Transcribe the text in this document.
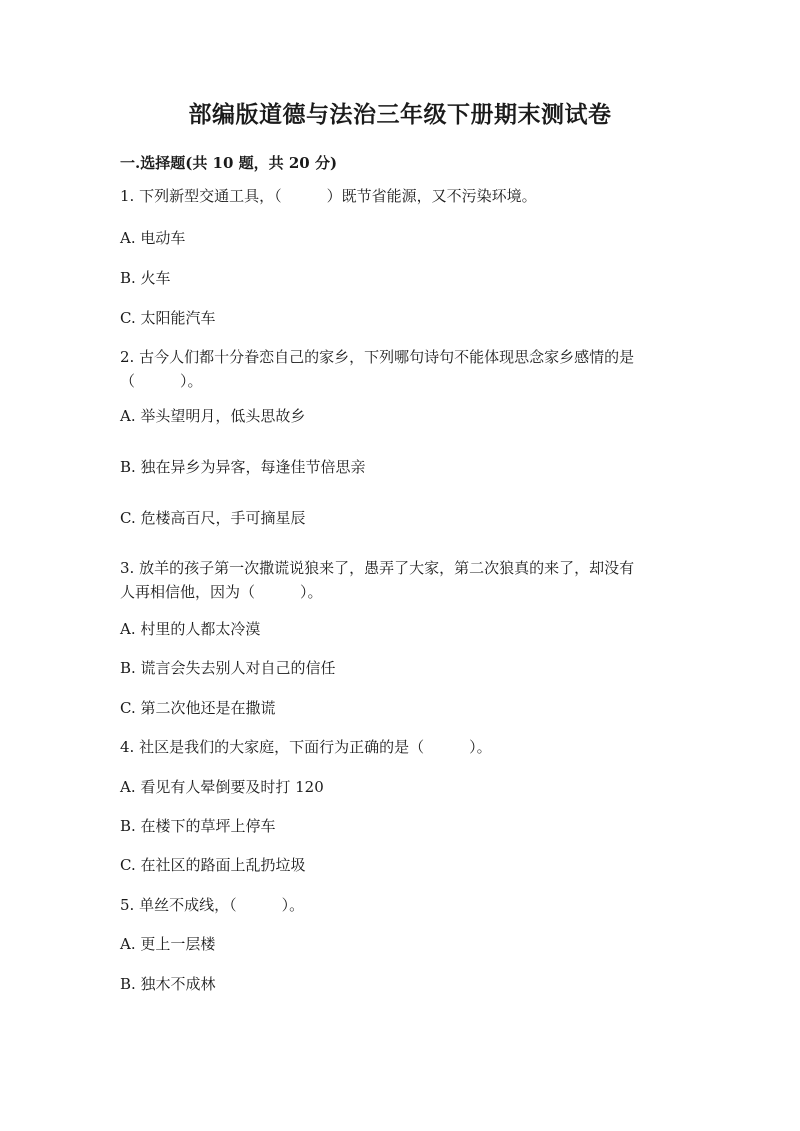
部编版道德与法治三年级下册期末测试卷
一.选择题(共 10 题，共 20 分)
1. 下列新型交通工具，（　　　）既节省能源，又不污染环境。
A. 电动车
B. 火车
C. 太阳能汽车
2. 古今人们都十分眷恋自己的家乡，下列哪句诗句不能体现思念家乡感情的是
（　　　）。
A. 举头望明月，低头思故乡
B. 独在异乡为异客，每逢佳节倍思亲
C. 危楼高百尺，手可摘星辰
3. 放羊的孩子第一次撒谎说狼来了，愚弄了大家，第二次狼真的来了，却没有
人再相信他，因为（　　　）。
A. 村里的人都太冷漠
B. 谎言会失去别人对自己的信任
C. 第二次他还是在撒谎
4. 社区是我们的大家庭，下面行为正确的是（　　　）。
A. 看见有人晕倒要及时打 120
B. 在楼下的草坪上停车
C. 在社区的路面上乱扔垃圾
5. 单丝不成线，（　　　）。
A. 更上一层楼
B. 独木不成林
